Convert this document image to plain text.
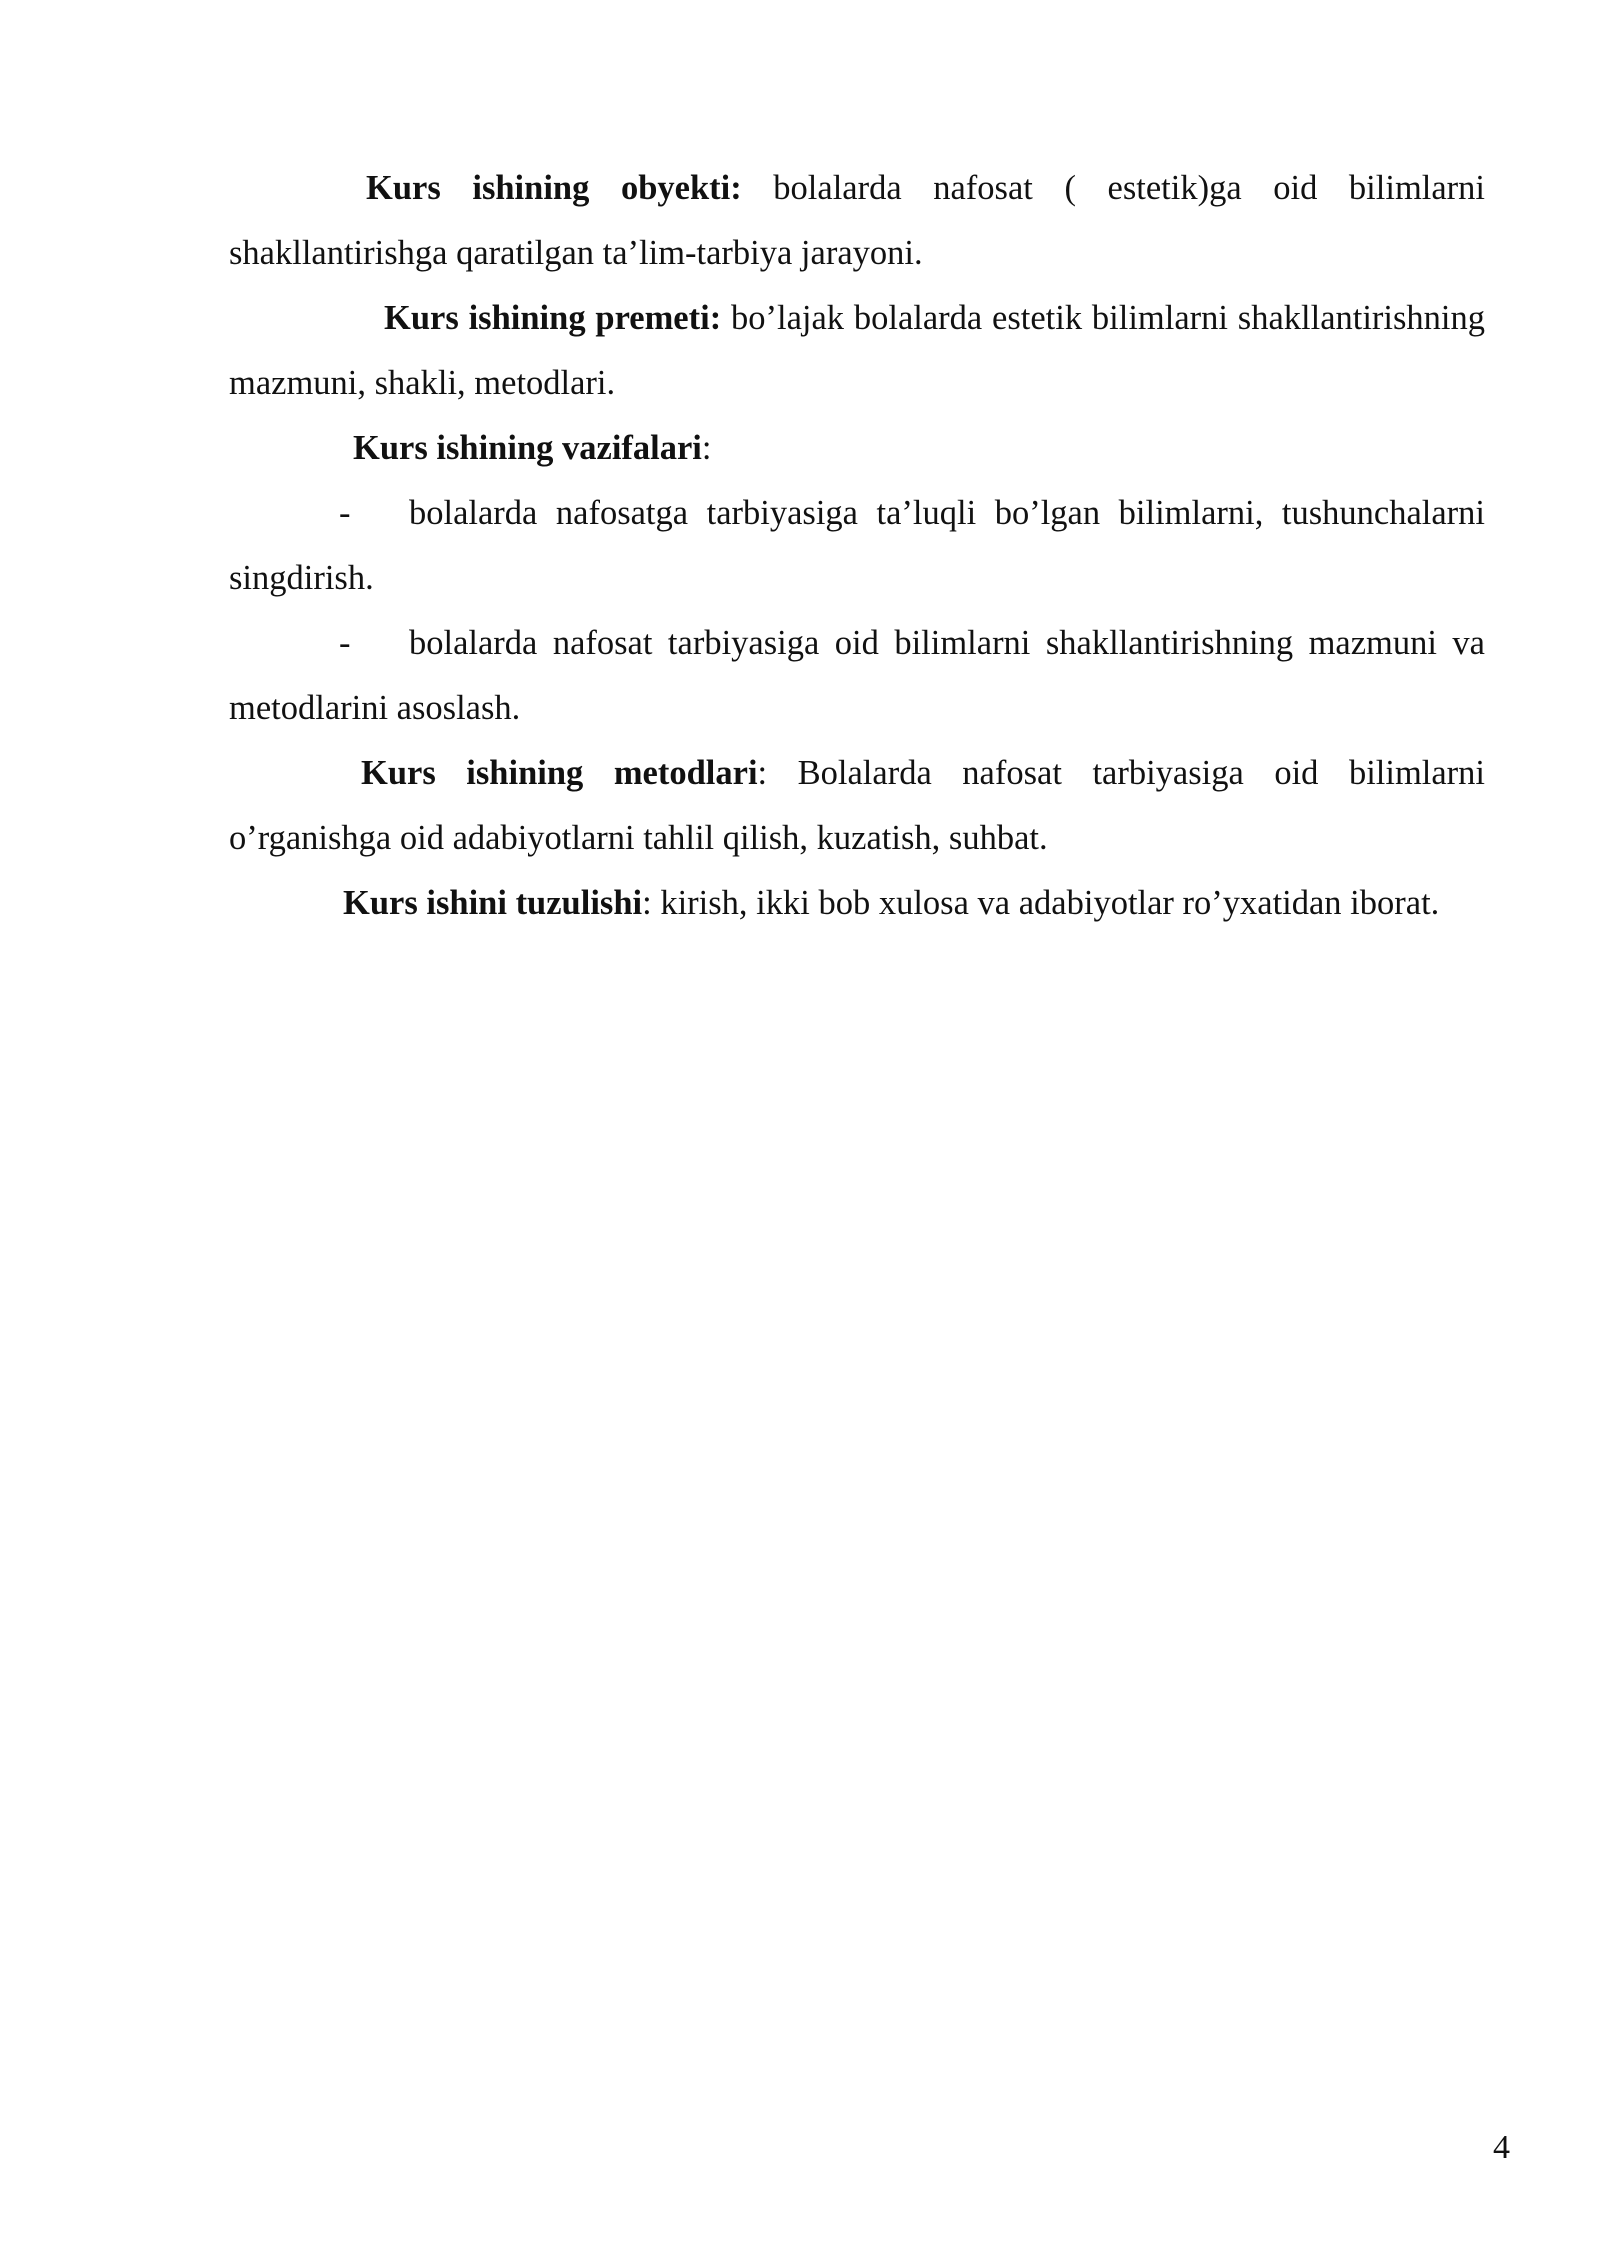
Kurs ishining obyekti: bolalarda nafosat ( estetik)ga oid bilimlarni shakllantirishga qaratilgan ta’lim-tarbiya jarayoni.

Kurs ishining premeti: bo’lajak bolalarda estetik bilimlarni shakllantirishning mazmuni, shakli, metodlari.

Kurs ishining vazifalari:

- bolalarda nafosatga tarbiyasiga ta’luqli bo’lgan bilimlarni, tushunchalarni singdirish.

- bolalarda nafosat tarbiyasiga oid bilimlarni shakllantirishning mazmuni va metodlarini asoslash.

Kurs ishining metodlari: Bolalarda nafosat tarbiyasiga oid bilimlarni o’rganishga oid adabiyotlarni tahlil qilish, kuzatish, suhbat.

Kurs ishini tuzulishi: kirish, ikki bob xulosa va adabiyotlar ro’yxatidan iborat.

4
